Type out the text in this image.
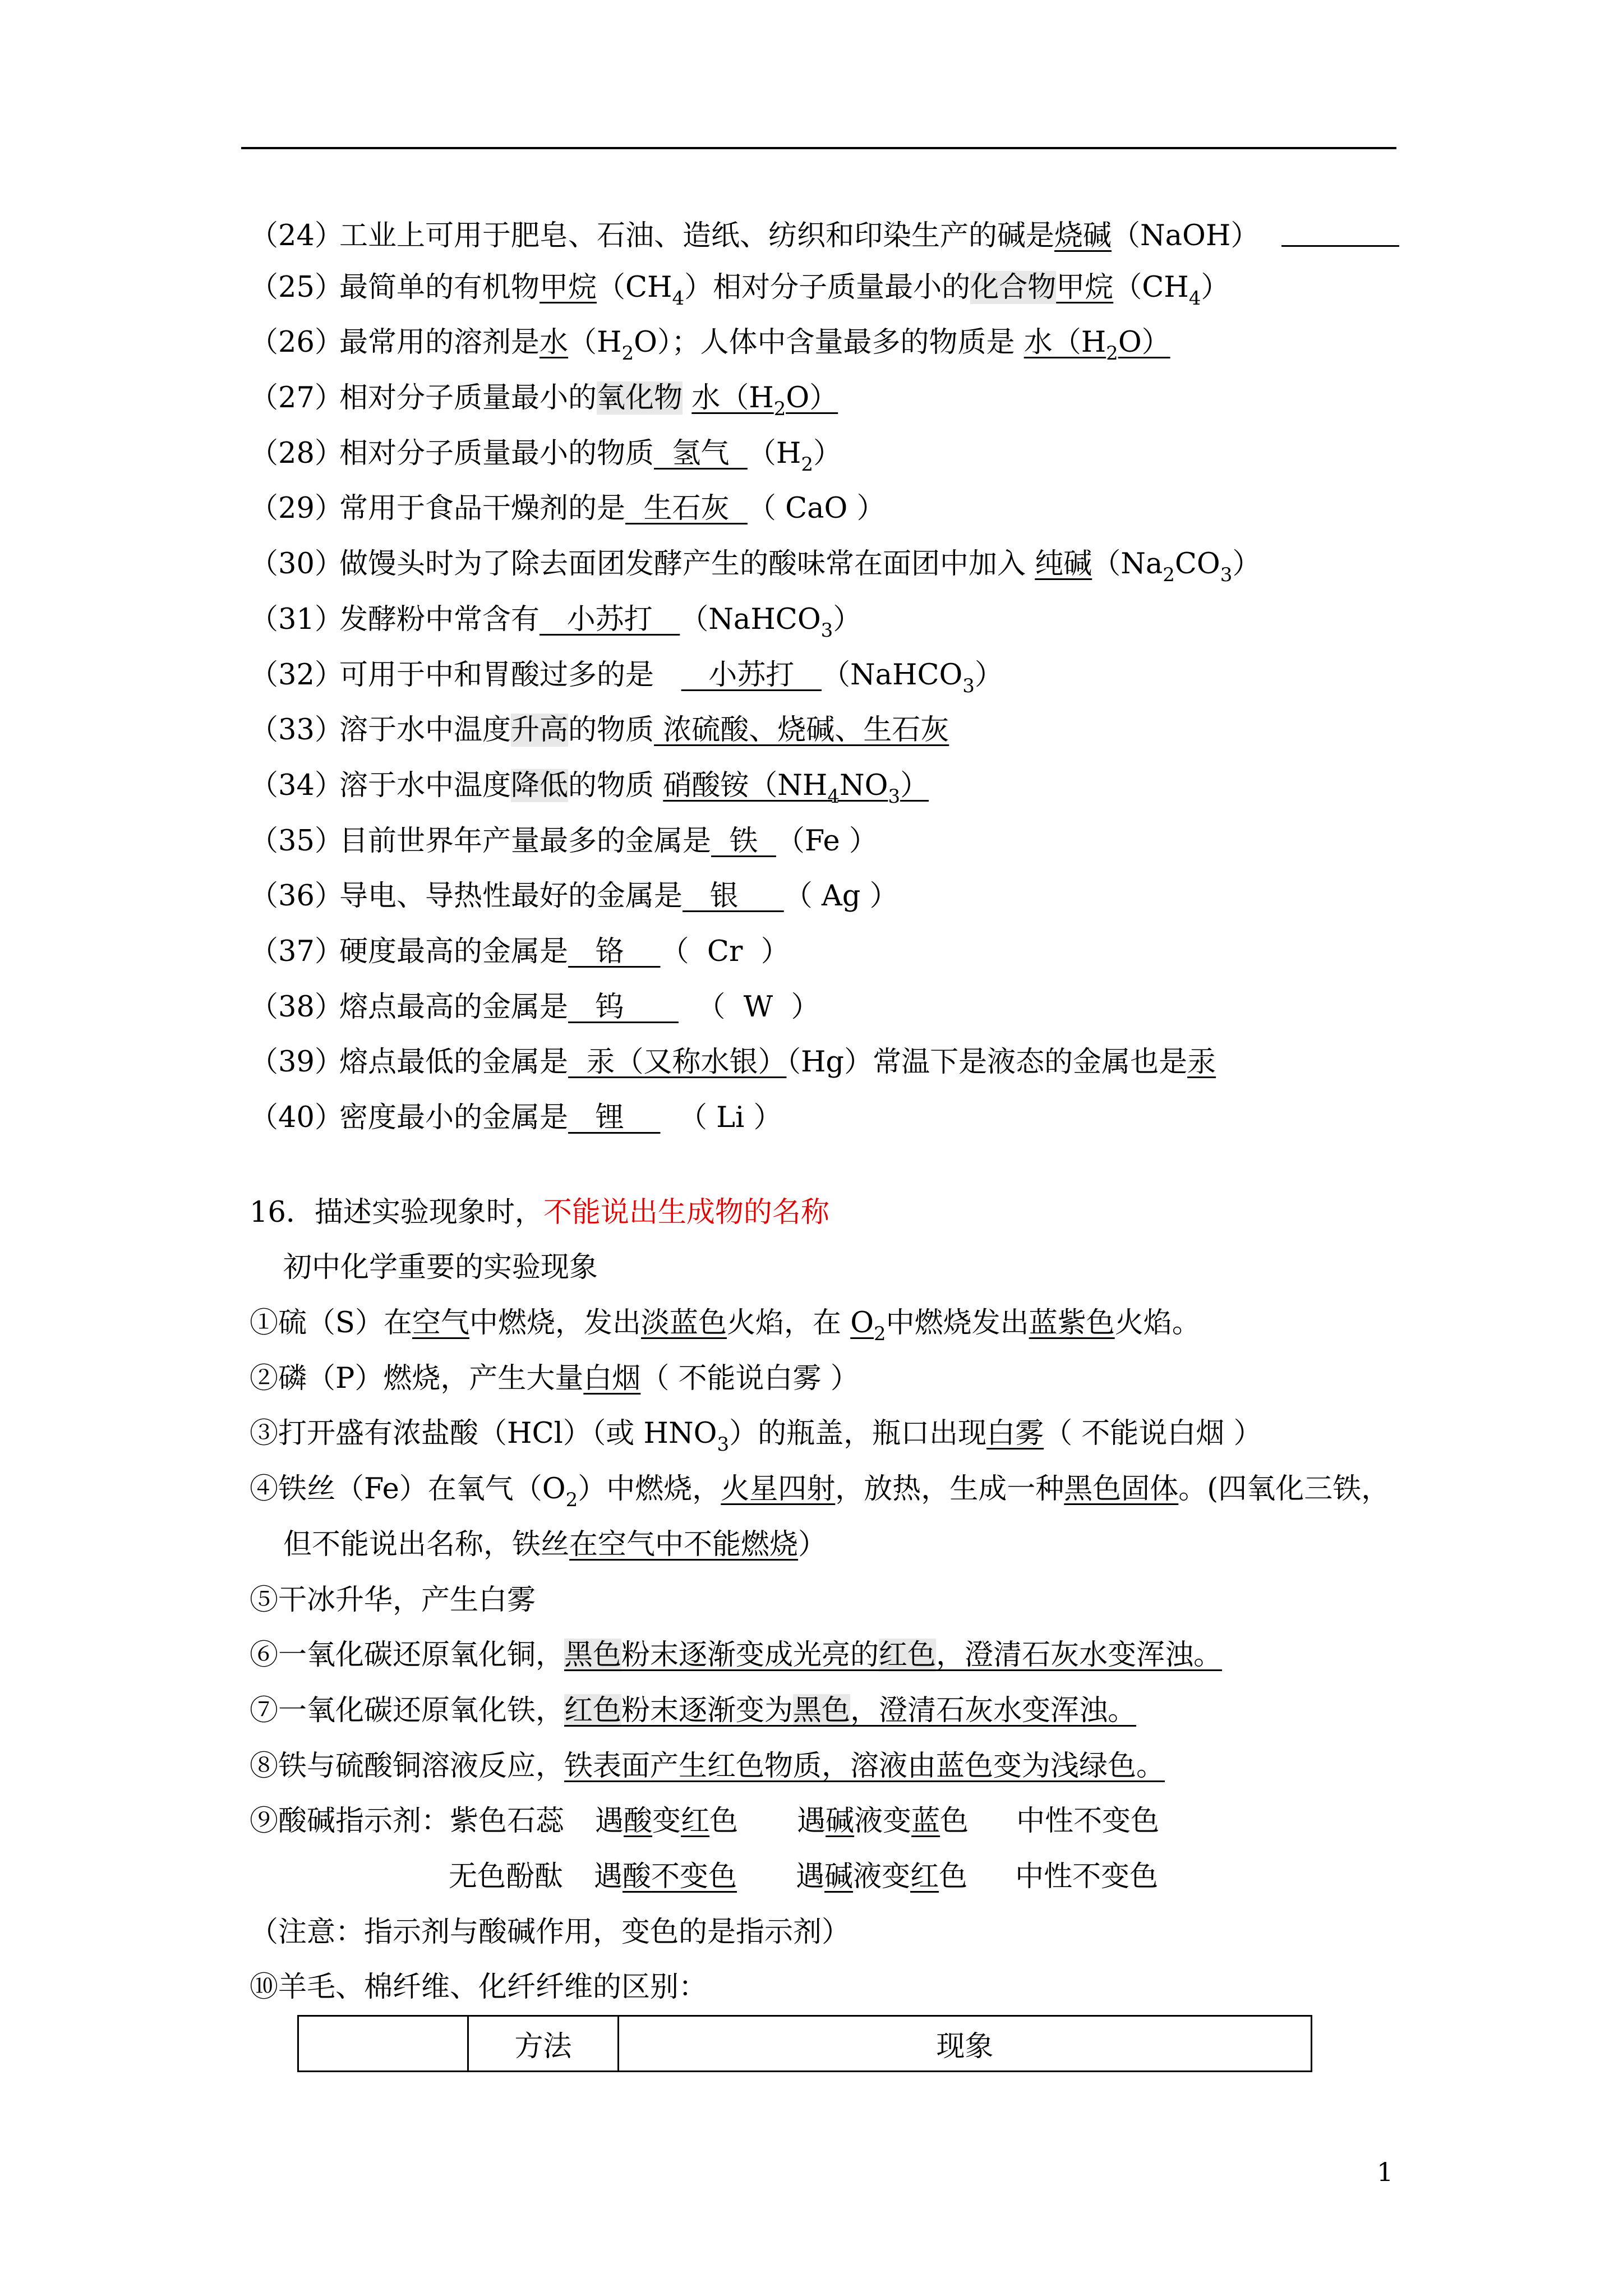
（24）工业上可用于肥皂、石油、造纸、纺织和印染生产的碱是烧碱（NaOH）
（25）最简单的有机物甲烷$(CH_4)$相对分子质量最小的化合物甲烷$(CH_4)$
（26）最常用的溶剂是水$(H_2O)$；人体中含量最多的物质是 水$(H_2O)$
（27）相对分子质量最小的氧化物 水$(H_2O)$
（28）相对分子质量最小的物质  氢气  $(H_2)$
（29）常用于食品干燥剂的是  生石灰  （ CaO ）
（30）做馒头时为了除去面团发酵产生的酸味常在面团中加入 纯碱$(Na_2CO_3)$
（31）发酵粉中常含有   小苏打   （NaHCO$_3$）
（32）可用于中和胃酸过多的是      小苏打   （NaHCO$_3$）
（33）溶于水中温度升高的物质 浓硫酸、烧碱、生石灰
（34）溶于水中温度降低的物质 硝酸铵$(NH_4NO_3)$
（35）目前世界年产量最多的金属是  铁  （Fe ）
（36）导电、导热性最好的金属是   银     （ Ag ）
（37）硬度最高的金属是   铬    （  Cr  ）
（38）熔点最高的金属是   钨        （  W  ）
（39）熔点最低的金属是  汞（又称水银）（Hg）常温下是液态的金属也是汞
（40）密度最小的金属是   锂      （ Li ）
16．描述实验现象时，不能说出生成物的名称
初中化学重要的实验现象
①硫（S）在空气中燃烧，发出淡蓝色火焰，在 $O_2$中燃烧发出蓝紫色火焰。
②磷（P）燃烧，产生大量白烟（ 不能说白雾 ）
③打开盛有浓盐酸（HCl）（或 $HNO_3$）的瓶盖，瓶口出现白雾（ 不能说白烟 ）
④铁丝（Fe）在氧气$(O_2)$中燃烧，火星四射，放热，生成一种黑色固体。(四氧化三铁，
但不能说出名称，铁丝在空气中不能燃烧）
⑤干冰升华，产生白雾
⑥一氧化碳还原氧化铜，黑色粉末逐渐变成光亮的红色，澄清石灰水变浑浊。
⑦一氧化碳还原氧化铁，红色粉末逐渐变为黑色，澄清石灰水变浑浊。
⑧铁与硫酸铜溶液反应，铁表面产生红色物质，溶液由蓝色变为浅绿色。
⑨酸碱指示剂：紫色石蕊 遇酸变红色 遇碱液变蓝色 中性不变色
无色酚酞 遇酸不变色 遇碱液变红色 中性不变色
（注意：指示剂与酸碱作用，变色的是指示剂）
⑩羊毛、棉纤维、化纤纤维的区别：
	方法	现象
1
